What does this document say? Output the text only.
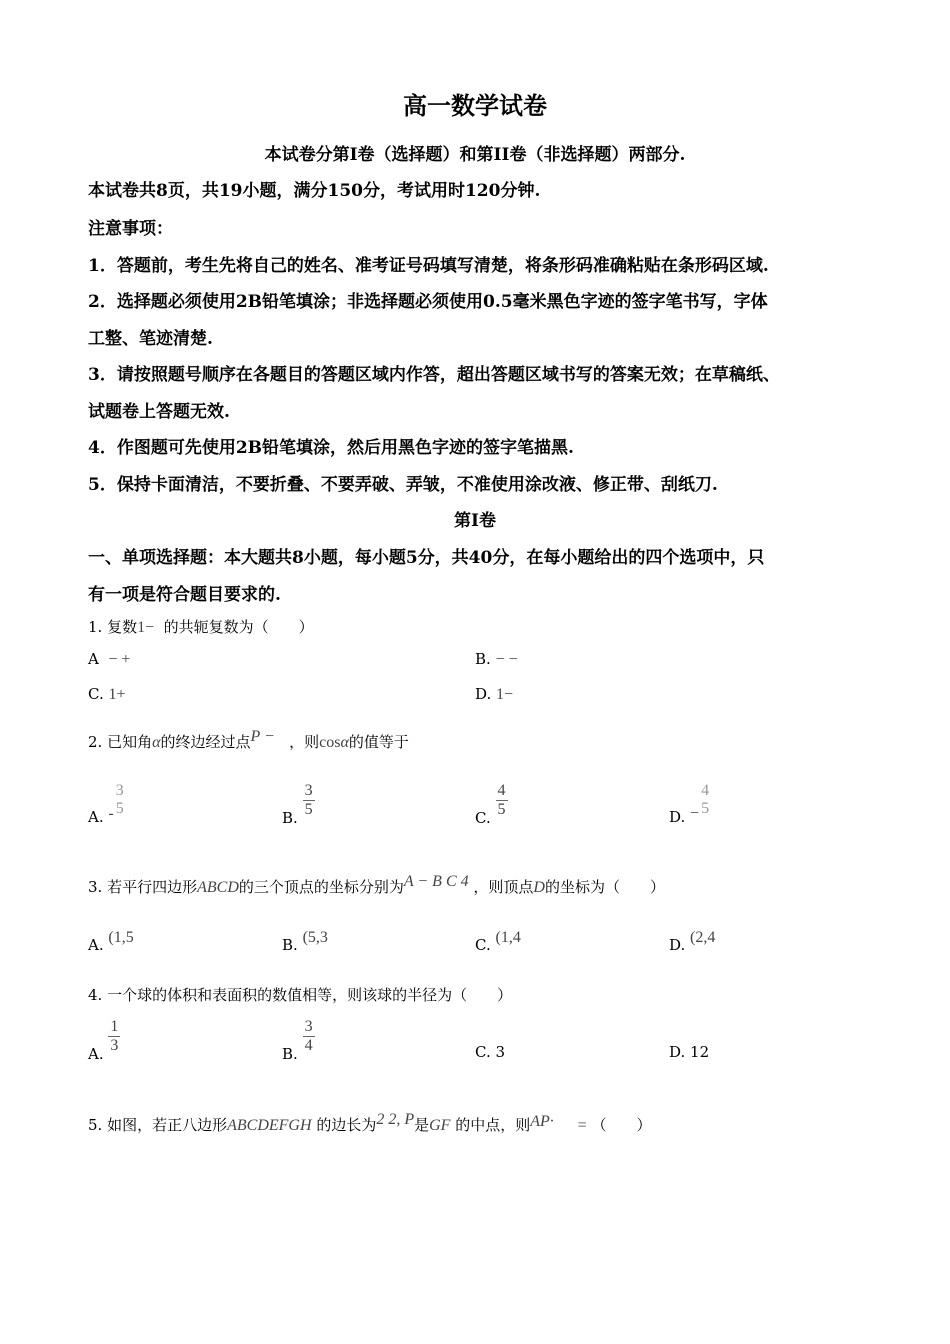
高一数学试卷
本试卷分第I卷（选择题）和第II卷（非选择题）两部分.
本试卷共8页，共19小题，满分150分，考试用时120分钟.
注意事项：
1．答题前，考生先将自己的姓名、准考证号码填写清楚，将条形码准确粘贴在条形码区域.
2．选择题必须使用2B铅笔填涂；非选择题必须使用0.5毫米黑色字迹的签字笔书写，字体
工整、笔迹清楚.
3．请按照题号顺序在各题目的答题区域内作答，超出答题区域书写的答案无效；在草稿纸、
试题卷上答题无效.
4．作图题可先使用2B铅笔填涂，然后用黑色字迹的签字笔描黑.
5．保持卡面清洁，不要折叠、不要弄破、弄皱，不准使用涂改液、修正带、刮纸刀.
第I卷
一、单项选择题：本大题共8小题，每小题5分，共40分，在每小题给出的四个选项中，只
有一项是符合题目要求的.
1. 复数1− 的共轭复数为（　　）
A − +	B. − −
C. 1+	D. 1−
2. 已知角α的终边经过点P − ，则cosα的值等于
A. -
3
5	B. $\frac{3}{5}$	C. $\frac{4}{5}$	D. −
4
5
3. 若平行四边形ABCD的三个顶点的坐标分别为A − B C 4 ，则顶点D的坐标为（　　）
A. (1,5	B. (5,3	C. (1,4	D. (2,4
4. 一个球的体积和表面积的数值相等，则该球的半径为（　　）
A. $\frac{1}{3}$	B. $\frac{3}{4}$	C. 3	D. 12
5. 如图，若正八边形ABCDEFGH 的边长为2 2, P是GF 的中点，则AP· = （　　）
